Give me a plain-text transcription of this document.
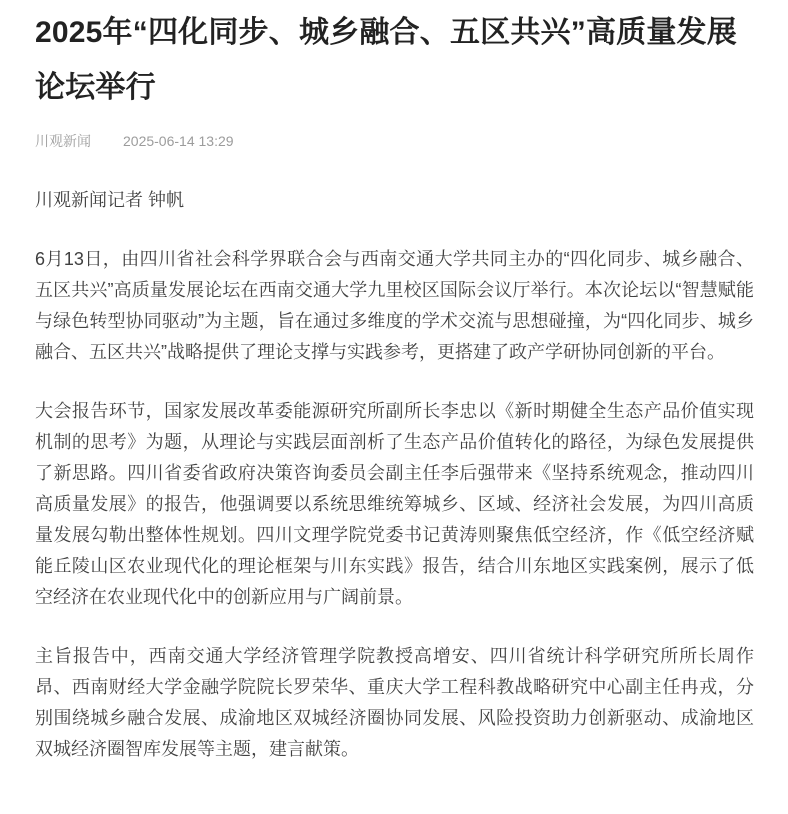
2025年“四化同步、城乡融合、五区共兴”高质量发展论坛举行
川观新闻 2025-06-14 13:29

川观新闻记者 钟帆

6月13日，由四川省社会科学界联合会与西南交通大学共同主办的“四化同步、城乡融合、五区共兴”高质量发展论坛在西南交通大学九里校区国际会议厅举行。本次论坛以“智慧赋能与绿色转型协同驱动”为主题，旨在通过多维度的学术交流与思想碰撞，为“四化同步、城乡融合、五区共兴”战略提供了理论支撑与实践参考，更搭建了政产学研协同创新的平台。

大会报告环节，国家发展改革委能源研究所副所长李忠以《新时期健全生态产品价值实现机制的思考》为题，从理论与实践层面剖析了生态产品价值转化的路径，为绿色发展提供了新思路。四川省委省政府决策咨询委员会副主任李后强带来《坚持系统观念，推动四川高质量发展》的报告，他强调要以系统思维统筹城乡、区域、经济社会发展，为四川高质量发展勾勒出整体性规划。四川文理学院党委书记黄涛则聚焦低空经济，作《低空经济赋能丘陵山区农业现代化的理论框架与川东实践》报告，结合川东地区实践案例，展示了低空经济在农业现代化中的创新应用与广阔前景。

主旨报告中，西南交通大学经济管理学院教授高增安、四川省统计科学研究所所长周作昂、西南财经大学金融学院院长罗荣华、重庆大学工程科教战略研究中心副主任冉戎，分别围绕城乡融合发展、成渝地区双城经济圈协同发展、风险投资助力创新驱动、成渝地区双城经济圈智库发展等主题，建言献策。
